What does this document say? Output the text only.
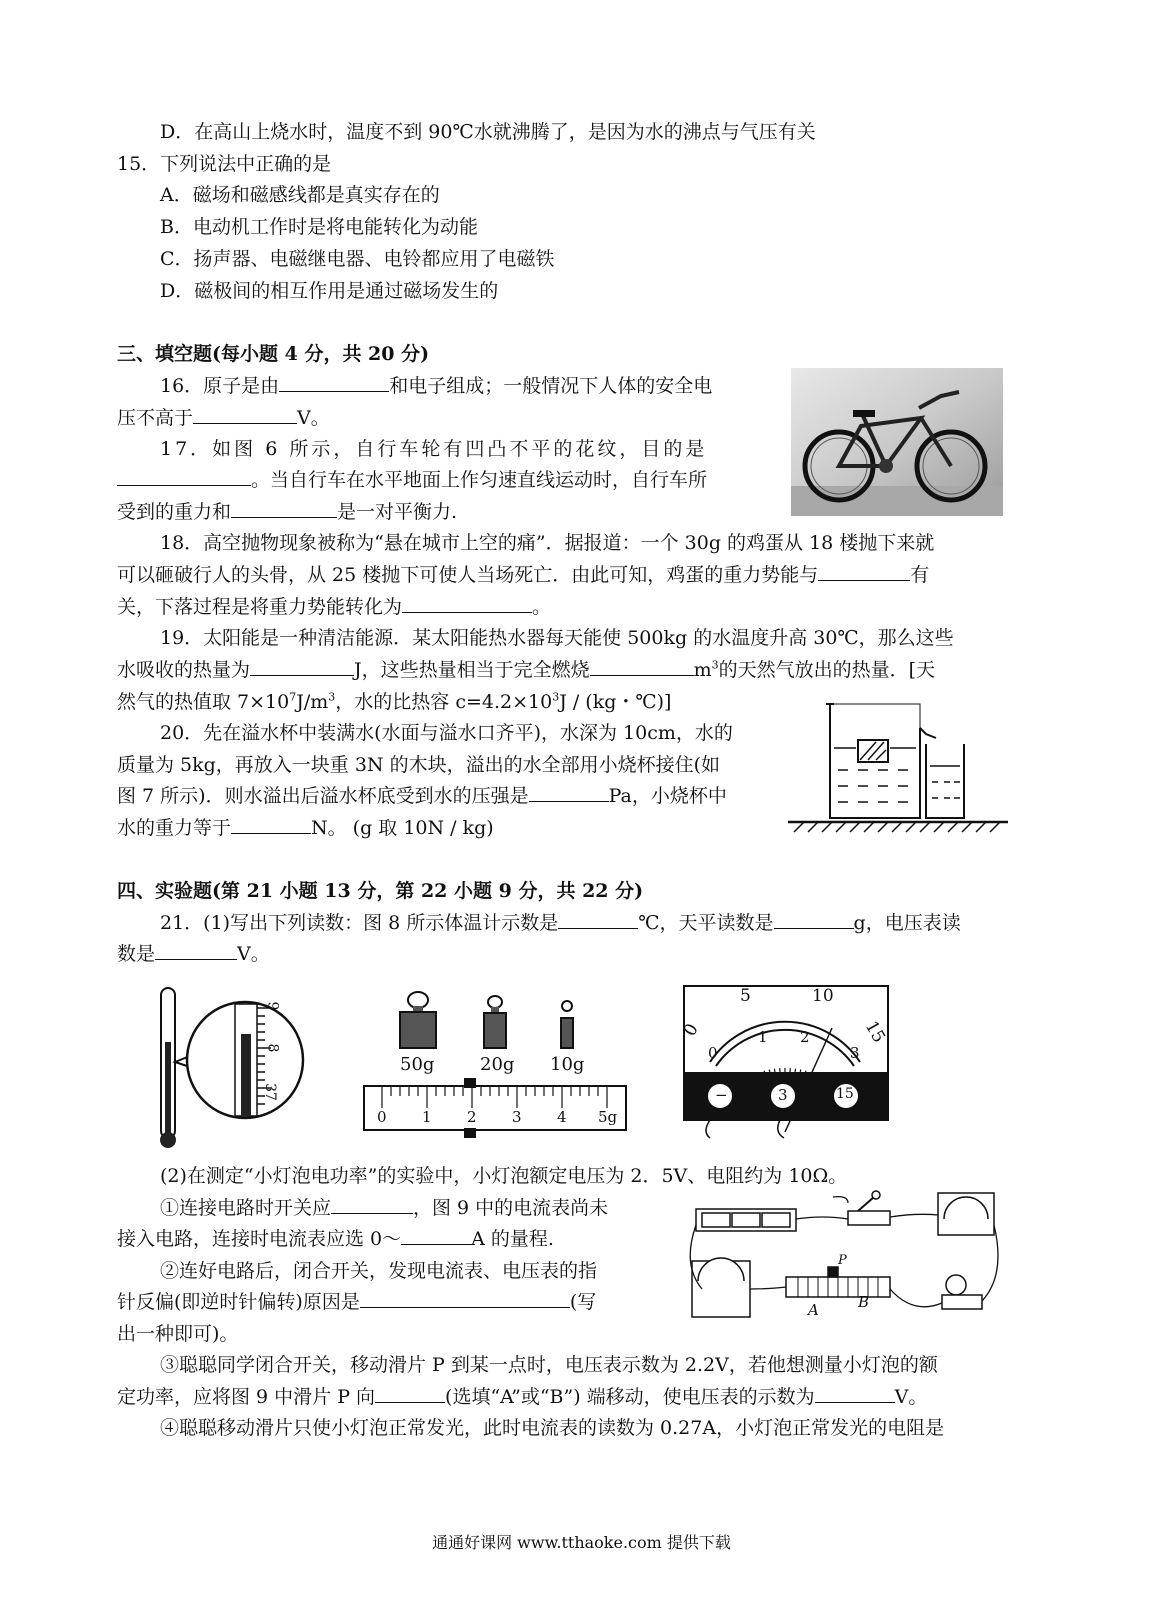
D．在高山上烧水时，温度不到 90℃水就沸腾了，是因为水的沸点与气压有关
15．下列说法中正确的是
A．磁场和磁感线都是真实存在的
B．电动机工作时是将电能转化为动能
C．扬声器、电磁继电器、电铃都应用了电磁铁
D．磁极间的相互作用是通过磁场发生的
三、填空题(每小题 4 分，共 20 分)
16．原子是由	和电子组成；一般情况下人体的安全电
压不高于	V。
17．如图 6 所示，自行车轮有凹凸不平的花纹，目的是
。当自行车在水平地面上作匀速直线运动时，自行车所
受到的重力和	是一对平衡力.
18．高空抛物现象被称为“悬在城市上空的痛”．据报道：一个 30g 的鸡蛋从 18 楼抛下来就
可以砸破行人的头骨，从 25 楼抛下可使人当场死亡．由此可知，鸡蛋的重力势能与	有
关，下落过程是将重力势能转化为	。
19．太阳能是一种清洁能源．某太阳能热水器每天能使 500kg 的水温度升高 30℃，那么这些
水吸收的热量为	J，这些热量相当于完全燃烧	$m^3$的天然气放出的热量．[天
然气的热值取 $7\times 10^7J/m^3$，水的比热容 $c=4.2\times 10^3J / (kg$・℃)]
20．先在溢水杯中装满水(水面与溢水口齐平)，水深为 10cm，水的
质量为 5kg，再放入一块重 3N 的木块，溢出的水全部用小烧杯接住(如
图 7 所示)．则水溢出后溢水杯底受到水的压强是	Pa，小烧杯中
水的重力等于	N。 (g 取 10N / kg)
四、实验题(第 21 小题 13 分，第 22 小题 9 分，共 22 分)
21．(1)写出下列读数：图 8 所示体温计示数是	℃，天平读数是	g，电压表读
数是	V。
(2)在测定“小灯泡电功率”的实验中，小灯泡额定电压为 2．5V、电阻约为 10Ω。
①连接电路时开关应	，图 9 中的电流表尚未
接入电路，连接时电流表应选 0～	A 的量程.
②连好电路后，闭合开关，发现电流表、电压表的指
针反偏(即逆时针偏转)原因是	(写
出一种即可)。
③聪聪同学闭合开关，移动滑片 P 到某一点时，电压表示数为 2.2V，若他想测量小灯泡的额
定功率，应将图 9 中滑片 P 向	(选填“A”或“B”) 端移动，使电压表的示数为	V。
④聪聪移动滑片只使小灯泡正常发光，此时电流表的读数为 0.27A，小灯泡正常发光的电阻是
9
8
37
50g	20g 10g
0 1 2 3 4 5g
0
5	10
15
0
1 2
3
−	3	15
A	B
P
通通好课网 www.tthaoke.com 提供下载
